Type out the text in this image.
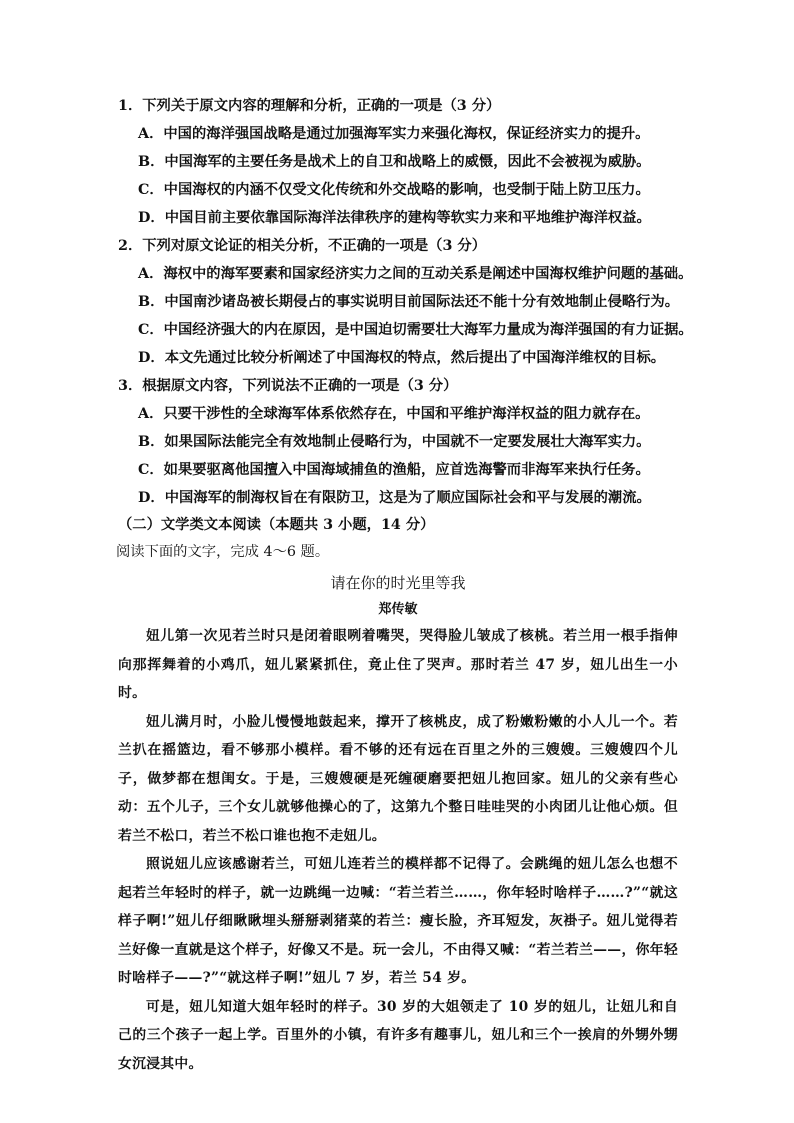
1．下列关于原文内容的理解和分析，正确的一项是（3 分）
A．中国的海洋强国战略是通过加强海军实力来强化海权，保证经济实力的提升。
B．中国海军的主要任务是战术上的自卫和战略上的威慑，因此不会被视为威胁。
C．中国海权的内涵不仅受文化传统和外交战略的影响，也受制于陆上防卫压力。
D．中国目前主要依靠国际海洋法律秩序的建构等软实力来和平地维护海洋权益。
2．下列对原文论证的相关分析，不正确的一项是（3 分）
A．海权中的海军要素和国家经济实力之间的互动关系是阐述中国海权维护问题的基础。
B．中国南沙诸岛被长期侵占的事实说明目前国际法还不能十分有效地制止侵略行为。
C．中国经济强大的内在原因，是中国迫切需要壮大海军力量成为海洋强国的有力证据。
D．本文先通过比较分析阐述了中国海权的特点，然后提出了中国海洋维权的目标。
3．根据原文内容，下列说法不正确的一项是（3 分）
A．只要干涉性的全球海军体系依然存在，中国和平维护海洋权益的阻力就存在。
B．如果国际法能完全有效地制止侵略行为，中国就不一定要发展壮大海军实力。
C．如果要驱离他国擅入中国海域捕鱼的渔船，应首选海警而非海军来执行任务。
D．中国海军的制海权旨在有限防卫，这是为了顺应国际社会和平与发展的潮流。
（二）文学类文本阅读（本题共 3 小题，14 分）
阅读下面的文字，完成 4～6 题。
请在你的时光里等我
郑传敏

妞儿第一次见若兰时只是闭着眼咧着嘴哭，哭得脸儿皱成了核桃。若兰用一根手指伸向那挥舞着的小鸡爪，妞儿紧紧抓住，竟止住了哭声。那时若兰 47 岁，妞儿出生一小时。

妞儿满月时，小脸儿慢慢地鼓起来，撑开了核桃皮，成了粉嫩粉嫩的小人儿一个。若兰扒在摇篮边，看不够那小模样。看不够的还有远在百里之外的三嫂嫂。三嫂嫂四个儿子，做梦都在想闺女。于是，三嫂嫂硬是死缠硬磨要把妞儿抱回家。妞儿的父亲有些心动：五个儿子，三个女儿就够他操心的了，这第九个整日哇哇哭的小肉团儿让他心烦。但若兰不松口，若兰不松口谁也抱不走妞儿。

照说妞儿应该感谢若兰，可妞儿连若兰的模样都不记得了。会跳绳的妞儿怎么也想不起若兰年轻时的样子，就一边跳绳一边喊：“若兰若兰……，你年轻时啥样子……?”“就这样子啊!”妞儿仔细瞅瞅埋头掰掰剥猪菜的若兰：瘦长脸，齐耳短发，灰褂子。妞儿觉得若兰好像一直就是这个样子，好像又不是。玩一会儿，不由得又喊：“若兰若兰——，你年轻时啥样子——?”“就这样子啊!”妞儿 7 岁，若兰 54 岁。

可是，妞儿知道大姐年轻时的样子。30 岁的大姐领走了 10 岁的妞儿，让妞儿和自己的三个孩子一起上学。百里外的小镇，有许多有趣事儿，妞儿和三个一挨肩的外甥外甥女沉浸其中。
